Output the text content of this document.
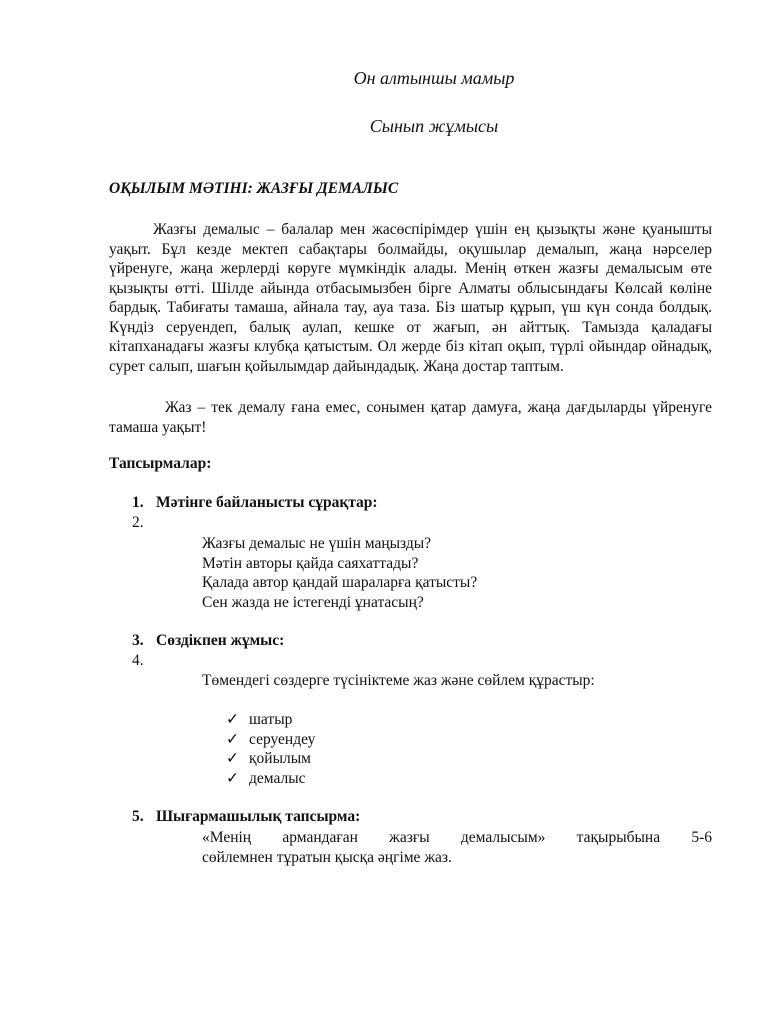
Он алтыншы мамыр
Сынып жұмысы
ОҚЫЛЫМ МӘТІНІ: ЖАЗҒЫ ДЕМАЛЫС
Жазғы демалыс – балалар мен жасөспірімдер үшін ең қызықты және қуанышты уақыт. Бұл кезде мектеп сабақтары болмайды, оқушылар демалып, жаңа нәрселер үйренуге, жаңа жерлерді көруге мүмкіндік алады. Менің өткен жазғы демалысым өте қызықты өтті. Шілде айында отбасымызбен бірге Алматы облысындағы Көлсай көліне бардық. Табиғаты тамаша, айнала тау, ауа таза. Біз шатыр құрып, үш күн сонда болдық. Күндіз серуендеп, балық аулап, кешке от жағып, ән айттық. Тамызда қаладағы кітапханадағы жазғы клубқа қатыстым. Ол жерде біз кітап оқып, түрлі ойындар ойнадық, сурет салып, шағын қойылымдар дайындадық. Жаңа достар таптым.
Жаз – тек демалу ғана емес, сонымен қатар дамуға, жаңа дағдыларды үйренуге тамаша уақыт!
Тапсырмалар:
1. Мәтінге байланысты сұрақтар:
2.
Жазғы демалыс не үшін маңызды?
Мәтін авторы қайда саяхаттады?
Қалада автор қандай шараларға қатысты?
Сен жазда не істегенді ұнатасың?
3. Сөздікпен жұмыс:
4.
Төмендегі сөздерге түсініктеме жаз және сөйлем құрастыр:
✓ шатыр
✓ серуендеу
✓ қойылым
✓ демалыс
5. Шығармашылық тапсырма:
«Менің армандаған жазғы демалысым» тақырыбына 5-6
сөйлемнен тұратын қысқа әңгіме жаз.
